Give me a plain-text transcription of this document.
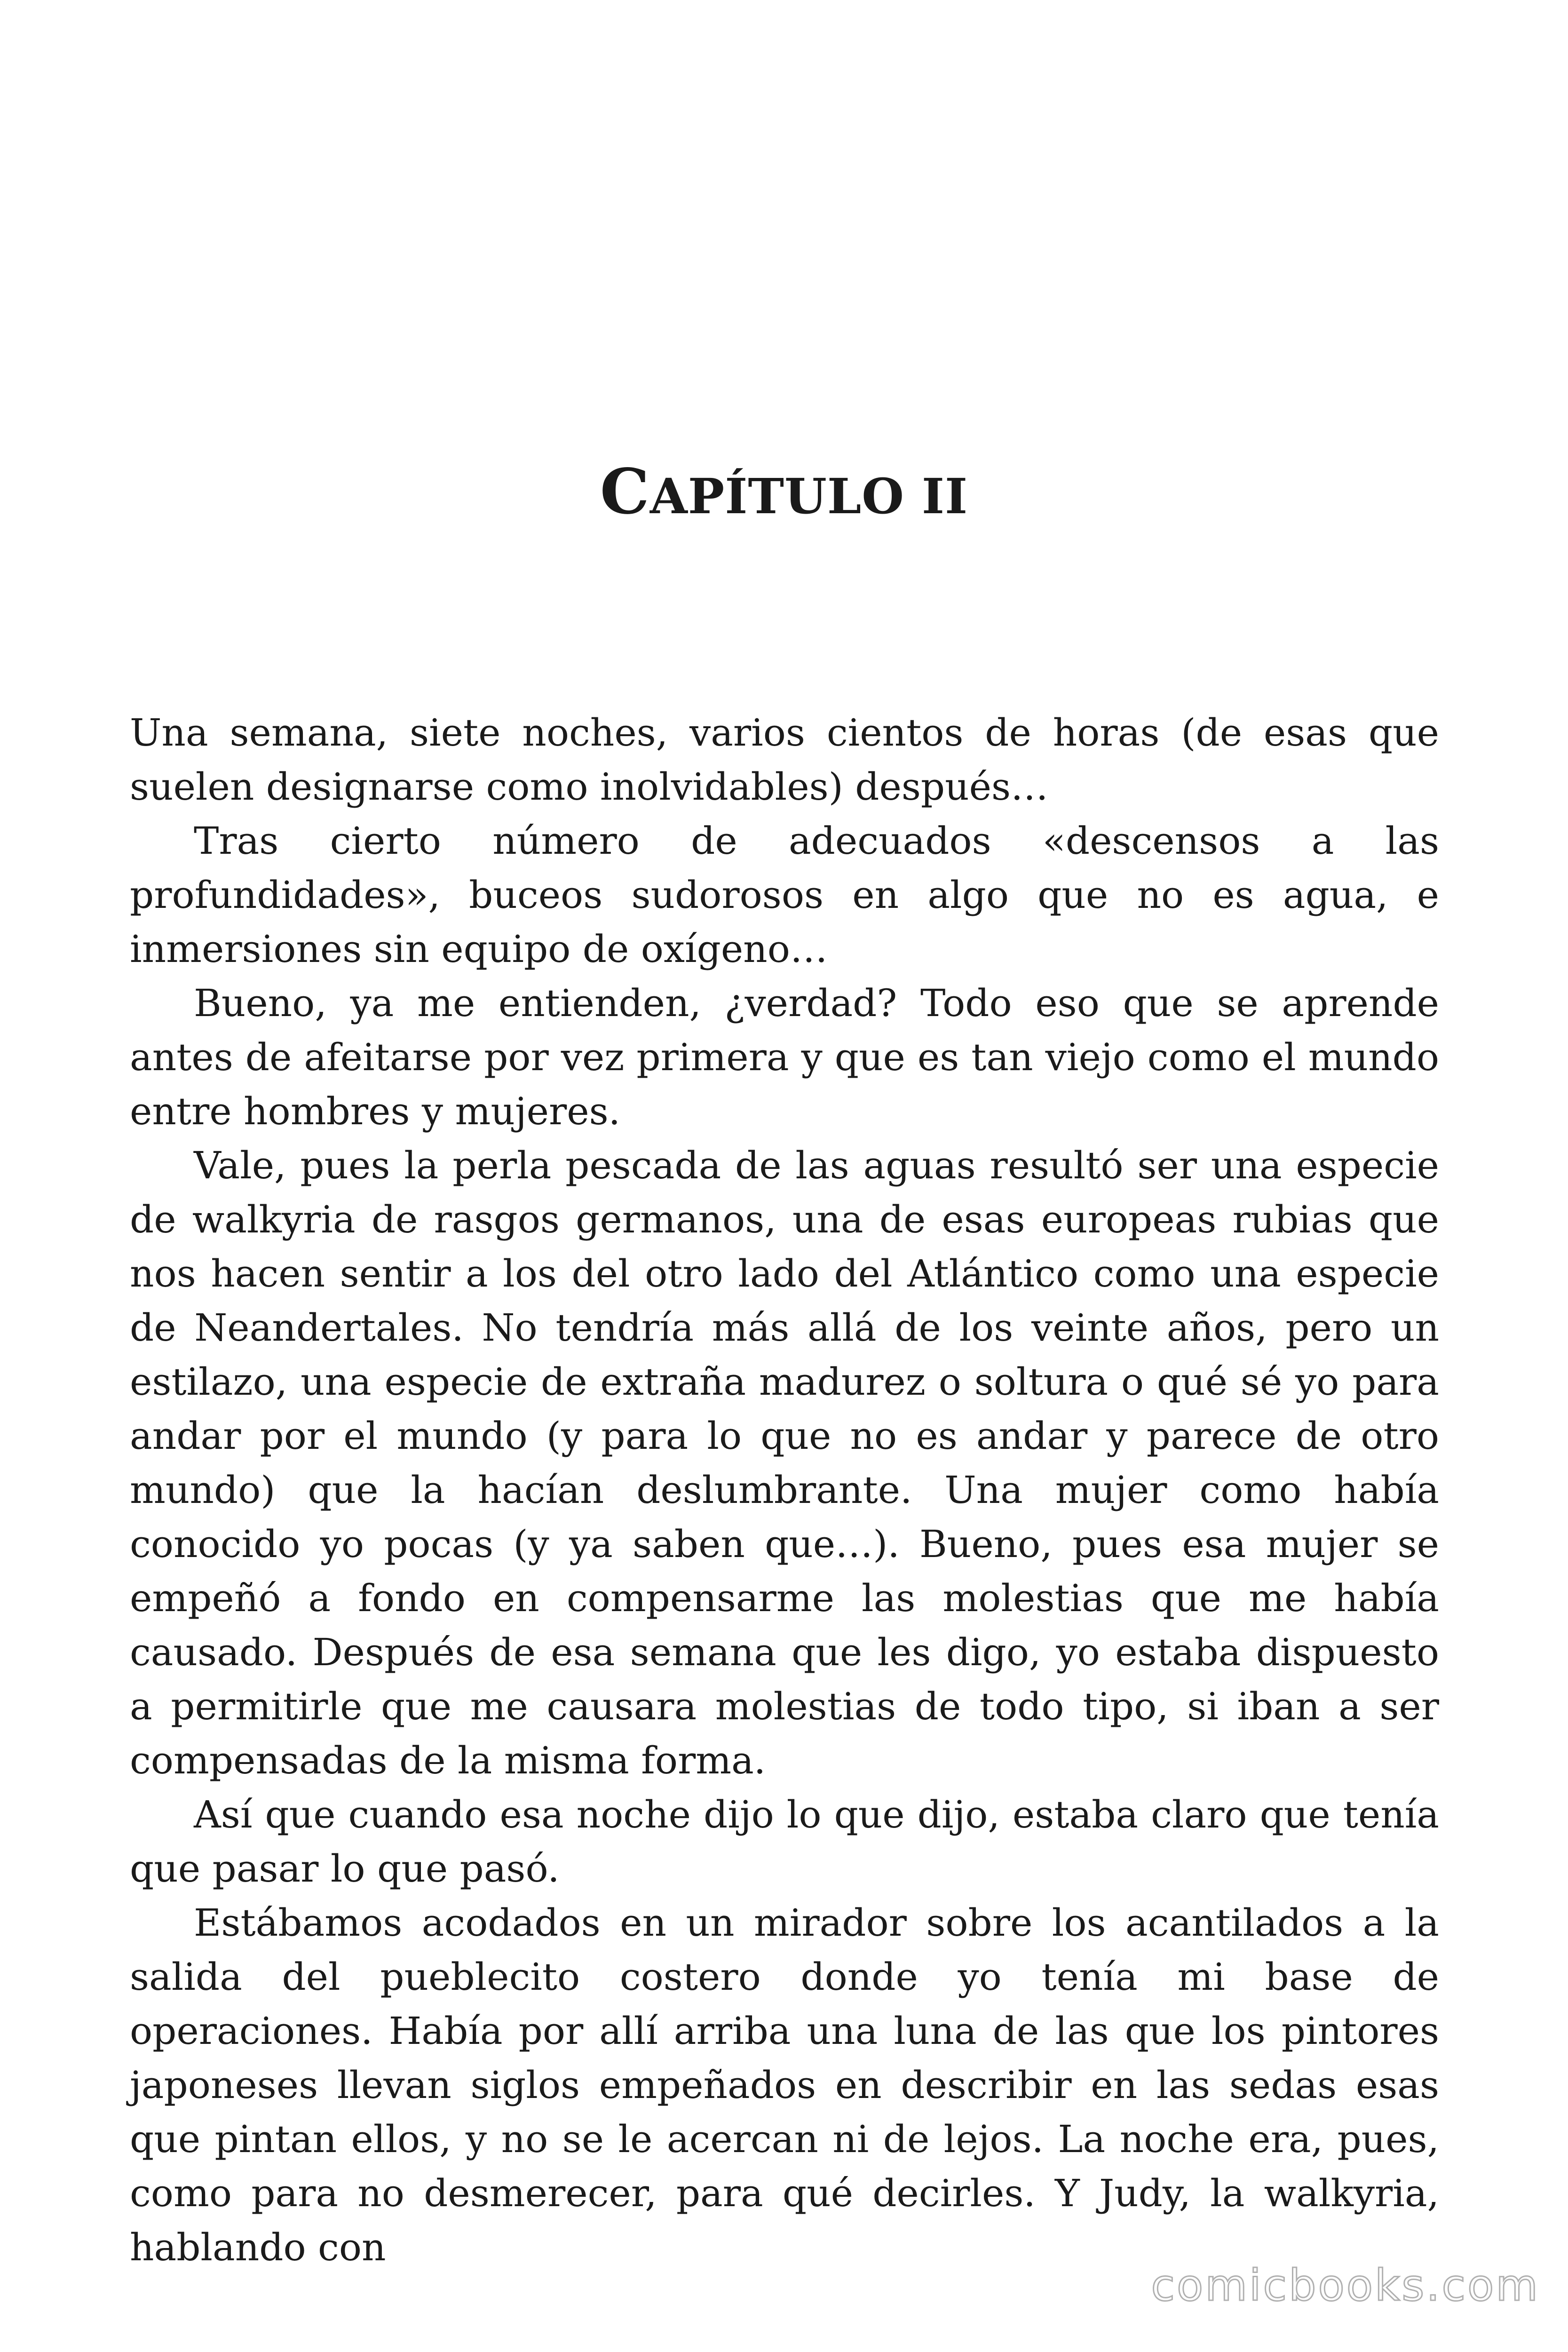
CAPÍTULO II

Una semana, siete noches, varios cientos de horas (de esas que suelen designarse como inolvidables) después…

Tras cierto número de adecuados «descensos a las profundidades», buceos sudorosos en algo que no es agua, e inmersiones sin equipo de oxígeno…

Bueno, ya me entienden, ¿verdad? Todo eso que se aprende antes de afeitarse por vez primera y que es tan viejo como el mundo entre hombres y mujeres.

Vale, pues la perla pescada de las aguas resultó ser una especie de walkyria de rasgos germanos, una de esas europeas rubias que nos hacen sentir a los del otro lado del Atlántico como una especie de Neandertales. No tendría más allá de los veinte años, pero un estilazo, una especie de extraña madurez o soltura o qué sé yo para andar por el mundo (y para lo que no es andar y parece de otro mundo) que la hacían deslumbrante. Una mujer como había conocido yo pocas (y ya saben que…). Bueno, pues esa mujer se empeñó a fondo en compensarme las molestias que me había causado. Después de esa semana que les digo, yo estaba dispuesto a permitirle que me causara molestias de todo tipo, si iban a ser compensadas de la misma forma.

Así que cuando esa noche dijo lo que dijo, estaba claro que tenía que pasar lo que pasó.

Estábamos acodados en un mirador sobre los acantilados a la salida del pueblecito costero donde yo tenía mi base de operaciones. Había por allí arriba una luna de las que los pintores japoneses llevan siglos empeñados en describir en las sedas esas que pintan ellos, y no se le acercan ni de lejos. La noche era, pues, como para no desmerecer, para qué decirles. Y Judy, la walkyria, hablando con

comicbooks.com
